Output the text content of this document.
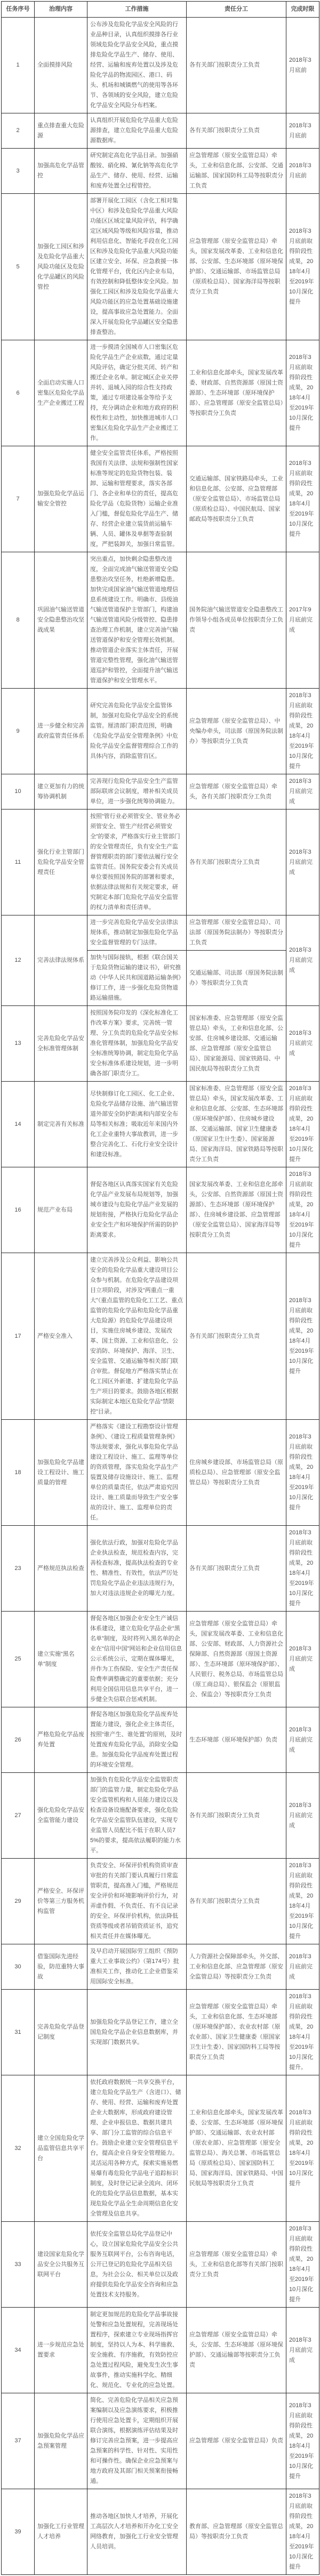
任务序号	治理内容	工作措施	责任分工	完成时限
1	全面摸排风险	公布涉及危险化学品安全风险的行业品种目录，认真组织摸排各行业领域危险化学品安全风险，重点摸排危险化学品生产、储存、使用、经营、运输和废弃处置以及涉及危险化学品的物流园区、港口、码头、机场和城镇燃气的使用等各环节、各领域的安全风险，建立危险化学品安全风险分布档案。	各有关部门按职责分工负责	2018年3月底前
2	重点排查重大危险源	认真组织开展危险化学品重大危险源排查，建立危险化学品重大危险源数据库。	各有关部门按职责分工负责	2018年3月底前
3	加强高危化学品管控	研究制定高危化学品目录。加强硝酸铵、硝化棉、氰化钠等高危化学品生产、储存、使用、经营、运输和废弃处置全过程管控。	应急管理部（原安全监管总局）牵头，工业和信息化部、公安部、交通运输部、国家国防科工局等按职责分工负责	2018年3月底前
5	加强化工园区和涉及危险化学品重大风险功能区及危险化学品罐区的风险管控	部署开展化工园区（含化工相对集中区）和涉及危险化学品重大风险功能区区域定量风险评估，科学确定区域风险等级和风险容量，推动利用信息化、智能化手段在化工园区和涉及危险化学品重大风险功能区建立安全、环保、应急救援一体化管理平台，优化区内企业布局，有效控制和降低整体安全风险。加强化工园区和涉及危险化学品重大风险功能区的应急处置基础设施建设，提高事故应急处置能力。全面深入开展危险化学品罐区安全隐患排查整治。	应急管理部（原安全监管总局）牵头，国家发展改革委、工业和信息化部、公安部、生态环境部（原环境保护部）、交通运输部、市场监管总局（原质检总局）、国家海洋局等按职责分工负责	2018年3月底前取得阶段性成果，2018年4月至2019年10月深化提升
6	全面启动实施人口密集区危险化学品生产企业搬迁工程	进一步摸清全国城市人口密集区危险化学品生产企业底数，通过定量风险评估，确定分批关闭、转产和搬迁企业名单。制定城区企业关停并转、退城入园的综合性支持政策，通过专项建设基金等给予支持，充分调动企业和地方政府的积极性和主动性，加快推进城市人口密集区危险化学品生产企业搬迁工作。	工业和信息化部牵头，国家发展改革委、财政部、自然资源部（原国土资源部）、生态环境部（原环境保护部）、应急管理部（原安全监管总局）等按职责分工负责	2018年3月底前取得阶段性成果，2018年4月至2019年10月深化提升
7	加强危险化学品运输安全管控	健全安全监管责任体系，严格按照我国有关法律、法规和强制性国家标准等规定的危险货物包装、装卸、运输和管理要求，落实各部门、各企业和单位的责任，提高危险化学品（危险货物）运输企业准入门槛，督促危险化学品生产、储存、经营企业建立装货前运输车辆、人员、罐体及单据等查验制度，严把装卸关，加强日常监管。	交通运输部、国家铁路局牵头，工业和信息化部、公安部、应急管理部（原安全监管总局）、市场监管总局（原质检总局）、中国民航局、国家邮政局等按职责分工负责	2018年3月底前取得阶段性成果，2018年4月至2019年10月深化提升
8	巩固油气输送管道安全隐患整治攻坚战成果	突出重点，加快剩余隐患整改进度，全面完成油气输送管道安全隐患整治攻坚任务，杜绝新增隐患。加快完成国家油气输送管道地理信息系统建设工作。明确市、县级油气输送管道保护主管部门，构建油气输送管道风险分级管控、隐患排查治理工作机制，建立完善油气输送管道保护和安全管理长效机制。推动管道企业落实主体责任，开展管道完整性管理，强化油气输送管道巡护和管控，全面提升油气输送管道保护和安全管理水平。	国务院油气输送管道安全隐患整改工作领导小组各成员单位按职责分工负责	2017年9月底前完成
9	进一步健全和完善政府监管责任体系	研究完善危险化学品安全监管体制，加强对危险化学品安全的系统监管。厘清部门职责范围，明确《危险化学品安全管理条例》中危险化学品安全监督管理综合工作的具体内容，消除监管盲区。	应急管理部（原安全监管总局）、中央编办牵头，司法部（原国务院法制办）等按职责分工负责	2018年3月底前取得阶段性成果，2018年4月至2019年10月深化提升
10	建立更加有力的统筹协调机制	完善现行危险化学品安全生产监管部际联席会议制度，增补相关成员单位，进一步强化统筹协调能力。	应急管理部（原安全监管总局）牵头，各有关部门按职责分工负责	2018年3月底前完成
11	强化行业主管部门危险化学品安全管理责任	按照“管行业必须管安全、管业务必须管安全、管生产经营必须管安全”的要求，严格落实行业主管部门的安全管理责任，负有安全生产监督管理职责的部门要依法履行安全监管责任。国务院安委会有关成员单位要按照国务院的部署和要求，依据法律法规和有关规定要求，研究制定本部门危险化学品安全监管的权力清单和责任清单。	各有关部门按职责分工负责	2018年3月底前完成
12	完善法律法规体系	进一步完善危险化学品安全法律法规体系，推动制定加强危险化学品安全监督管理的专门法律。	应急管理部（原安全监管总局）、司法部（原国务院法制办）等按职责分工负责	2018年3月底前完成
		加快与国际接轨，根据《联合国关于危险货物运输的建议书》，研究推动《中华人民共和国道路运输条例》修订工作，进一步强化危险货物道路运输措施。	交通运输部、司法部（原国务院法制办）等按职责分工负责	
13	完善危险化学品安全标准管理体制	按照国务院印发的《深化标准化工作改革方案》要求，完善统一管理、分工负责的危险化学品安全标准化管理体制，加强危险化学品安全标准统筹协调，制定危险化学品安全标准体系建设规划，进一步明确各部门职责分工。	国家标准委、应急管理部（原安全监管总局）牵头，工业和信息化部、公安部、住房城乡建设部、交通运输部、应急管理部（原安全监管总局）、国家能源局、国家铁路局、中国民航局等按职责分工负责	2018年3月底前完成
14	制定完善有关标准	尽快制修订化工园区、化工企业、危险化学品储存设施、油气输送管道外部安全防护距离和内部安全布局等相关标准；吸取近年来国内外化工企业重特大事故教训，进一步整合完善化工、石化行业安全设计和建设标准。	国家标准委、应急管理部（原安全监管总局）牵头，国家发展改革委、工业和信息化部、公安部、生态环境部（原环境保护部）、住房城乡建设部、交通运输部、国家卫生健康委（原国家卫生计生委）、国家能源局、国家海洋局、国家铁路局等按职责分工负责	2018年3月底前取得阶段性成果，2018年4月至2019年10月深化提升
16	规范产业布局	督促各地区认真落实国家有关危险化学品产业发展布局规划等，加强城市建设与危险化学品产业发展的规划衔接，严格执行危险化学品企业安全生产和环境保护所需的防护距离要求。	国家发展改革委、工业和信息化部牵头，公安部、自然资源部（原国土资源部）、生态环境部（原环境保护部）、住房城乡建设部、应急管理部（原安全监管总局）、国家海洋局等按职责分工负责	2018年3月底前取得阶段性成果，2018年4月至2019年10月深化提升
17	严格安全准入	建立完善涉及公众利益、影响公共安全的危险化学品重大建设项目公众参与机制。在危险化学品建设项目立项阶段，对涉及“两重点一重大”（重点监管的危险化工工艺、重点监管的危险化学品和危险化学品重大危险源）的危险化学品建设项目，实施住房城乡建设、发展改革、国土资源、工业和信息化、公安消防、环境保护、海洋、卫生、安全监管、交通运输等相关部门联合审批。督促地方严格落实禁止在化工园区外新建、扩建危险化学品生产项目的要求。鼓励各地区根据实际制定本地区危险化学品“禁限控”目录。	各有关部门按职责分工负责	2018年3月底前取得阶段性成果，2018年4月至2019年10月深化提升
18	加强危险化学品建设工程设计、施工质量的管理	严格落实《建设工程勘察设计管理条例》、《建设工程质量管理条例》等法规要求，强化从事危险化学品建设工程设计、施工、监理等单位的资质管理，落实危险化学品生产装置及储存设施设计、施工、监理单位的质量责任，依法严肃追究因设计、施工质量而导致生产安全事故的设计、施工、监理单位的责任。	住房城乡建设部、市场监管总局（原质检总局）、应急管理部（原安全监管总局）等按职责分工负责	2018年3月底前取得阶段性成果，2018年4月至2019年10月深化提升
23	严格规范执法检查	强化依法行政，加强对危险化学品企业执法检查，规范检查内容，完善检查标准，提高执法检查的专业性、精准性、有效性，依法严厉处罚危险化学品企业违法违规行为，加大对违法违规企业的曝光力度。	各有关部门按职责分工负责	2018年3月底前取得阶段性成果，2018年4月至2019年10月深化提升
25	建立实施“黑名单”制度	督促各地区加强企业安全生产诚信体系建设，建立危险化学品企业“黑名单”制度，及时将列入黑名单的企业在“信用中国”网站和企业信用信息公示系统公示，定期在媒体曝光，并作为工伤保险、安全生产责任保险费率调整确定的重要依据；充分利用全国信用信息共享平台，进一步健全失信联合惩戒机制。	应急管理部（原安全监管总局）牵头，国家发展改革委、工业和信息化部、公安部、财政部、人力资源社会保障部、自然资源部（原国土资源部）、生态环境部（原环境保护部）、人民银行、税务总局、市场监管总局（原工商总局）、银保监会（原银监会、保监会）等按职责分工负责	2018年3月底前完成
26	严格危险化学品废弃处置	督促各地区加强危险化学品废弃处置能力建设，强化企业主体责任，按照“谁产生、谁处置”的原则，及时处置废弃危险化学品，消除安全隐患。加强危险化学品废弃处置过程的环境安全管理。	生态环境部（原环境保护部）负责	2018年3月底前完成
27	强化危险化学品安全监管能力建设	加强负有危险化学品安全监管职责部门的监管力量，制定危险化学品安全监管机构和人员能力建设以及检查设备设施配备要求，强化危险化学品安全监管队伍建设，实现专业监管人员配比不低于在职人员75%的要求，提高依法履职的能力水平。	各有关部门按职责分工负责	2018年3月底前完成
29	严格安全、环保评价等第三方服务机构监管	负责安全、环保评价机构资质审查审批的有关部门要认真履行日常监管职责，提高准入门槛，严格规范安全评价和环境影响评价行为，对弄虚作假、不负责任、有不良记录的安全、环保评价机构，依法降低资质等级或者吊销资质证书，追究相关责任并在媒体曝光。	各有关部门按职责分工负责	2018年3月底前取得阶段性成果，2018年4月至2019年10月深化提升
30	借鉴国际先进经验，防范重特大事故	及早启动开展国际劳工组织《预防重大工业事故公约》（第174号）批准相关工作，推动化工企业借鉴采用国际安全标准。	人力资源社会保障部牵头，外交部、工业和信息化部、应急管理部（原安全监管总局）等按职责分工负责	2018年3月底前完成
31	完善危险化学品登记制度	加强危险化学品登记工作，建立全国危险化学品企业信息数据库，并实现部门数据共享。	应急管理部（原安全监管总局）牵头，工业和信息化部、生态环境部（原环境保护部）、农业农村部（原农业部）、国家卫生健康委（原国家卫生计生委）、国家国防科工局等按职责分工负责	2018年3月底前取得阶段性成果，2018年4月至2019年10月深化提升。
32	建立全国危险化学品监管信息共享平台	依托政府数据统一共享交换平台，建立危险化学品生产（含进口）、储存、使用、经营、运输和废弃处置企业大数据库，形成政府建设管理、企业申报信息、数据共建共享、部门分工监管的综合信息平台。鼓励企业建立安全管理信息平台，提高企业自身安全管理能力。灵活运用各种方式，探索实施易燃易爆有毒危险化学品电子追踪标识制度，及时登记记录全流向、闭环化的危险化学品信息数据，基本实现危险化学品全生命周期信息化安全管理及信息共享。	工业和信息化部牵头，国家发展改革委、公安部、生态环境部（原环境保护部）、交通运输部、农业农村部（原农业部）、应急管理部（原安全监管总局）、海关总署、市场监管总局（原质检总局）、国家国防科工局、国家海洋局、国家铁路局、中国民航局等按职责分工负责	2018年3月底前取得阶段性成果，2018年4月至2019年10月深化提升
33	建设国家危险化学品安全公共服务互联网平台	依托安全监管总局化学品登记中心，设立国家危险化学品安全公共服务互联网平台，公布咨询电话，公开已登记的危险化学品相关信息，为社会公众、相关单位以及政府提供危险化学品安全咨询和应急处置技术支持服务。	应急管理部（原安全监管总局）牵头，工业和信息化部等有关部门按职责分工负责	2018年3月底前取得阶段性成果，2018年4月至2019年10月深化提升
34	进一步规范应急处置要求	制定更加规范的危险化学品事故接处警和应急处置规程，完善现场处置程序，探索建立专业现场指挥官制度，坚持以人为本、科学施救、安全施救、有序施救，有效防控应急处置过程风险，避免发生次生事故事件，推动实施科学化、精细化、规范化、专业化的应急处置。	应急管理部（原安全监管总局）牵头，公安部、生态环境部（原环境保护部）、交通运输部等按职责分工负责	2018年3月底前完成
37	加强危险化学品应急预案管理	简化、完善危险化学品相关应急预案编制以及应急演练要求，积极推行使用应急处置卡，定期组织开展联合演练，根据演练评估结果及时修订完善应急预案，进一步提高应急预案的科学性、针对性、实用性和可操作性。确保企业应急预案与地方政府及其部门相关预案衔接畅通。	应急管理部（原安全监管总局）负责	2018年3月底前取得阶段性成果，2018年4月至2019年10月深化提升
39	加强化工行业管理人才培养	推动各地区加快人才培养，开展化工高层次人才培养和开办化工安全网络教育，加强化工行业安全管理人员培训。	教育部、应急管理部（原安全监管总局）等按职责分工负责	2018年3月底前取得阶段性成果，2018年4月至2019年10月深化提升
